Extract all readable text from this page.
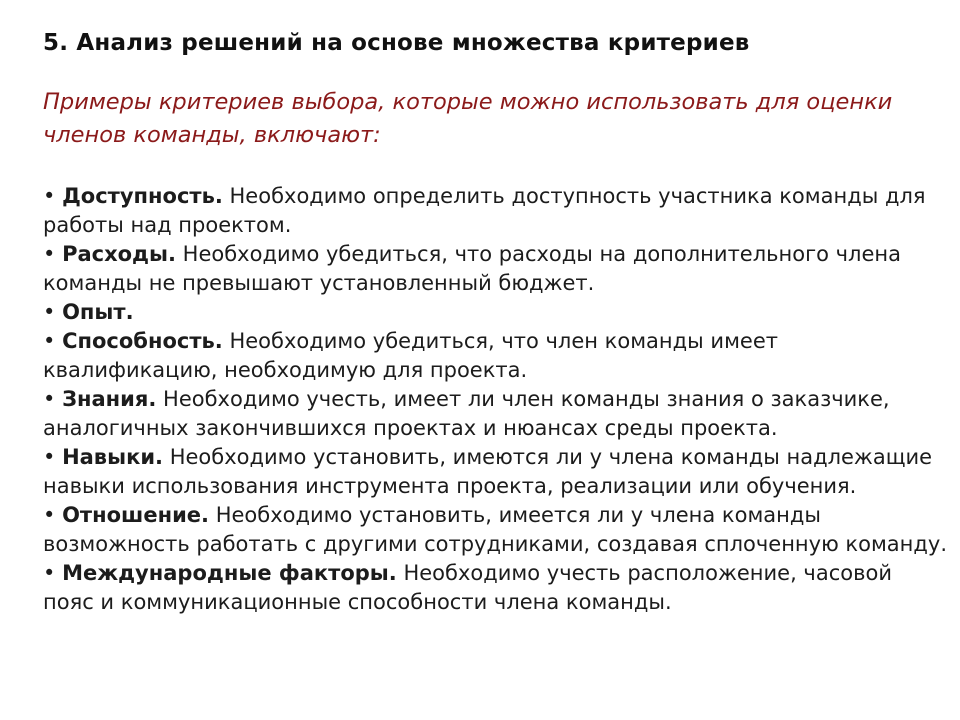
5. Анализ решений на основе множества критериев

Примеры критериев выбора, которые можно использовать для оценки членов команды, включают:

• Доступность. Необходимо определить доступность участника команды для работы над проектом.
• Расходы. Необходимо убедиться, что расходы на дополнительного члена команды не превышают установленный бюджет.
• Опыт.
• Способность. Необходимо убедиться, что член команды имеет квалификацию, необходимую для проекта.
• Знания. Необходимо учесть, имеет ли член команды знания о заказчике, аналогичных закончившихся проектах и нюансах среды проекта.
• Навыки. Необходимо установить, имеются ли у члена команды надлежащие навыки использования инструмента проекта, реализации или обучения.
• Отношение. Необходимо установить, имеется ли у члена команды возможность работать с другими сотрудниками, создавая сплоченную команду.
• Международные факторы. Необходимо учесть расположение, часовой пояс и коммуникационные способности члена команды.
